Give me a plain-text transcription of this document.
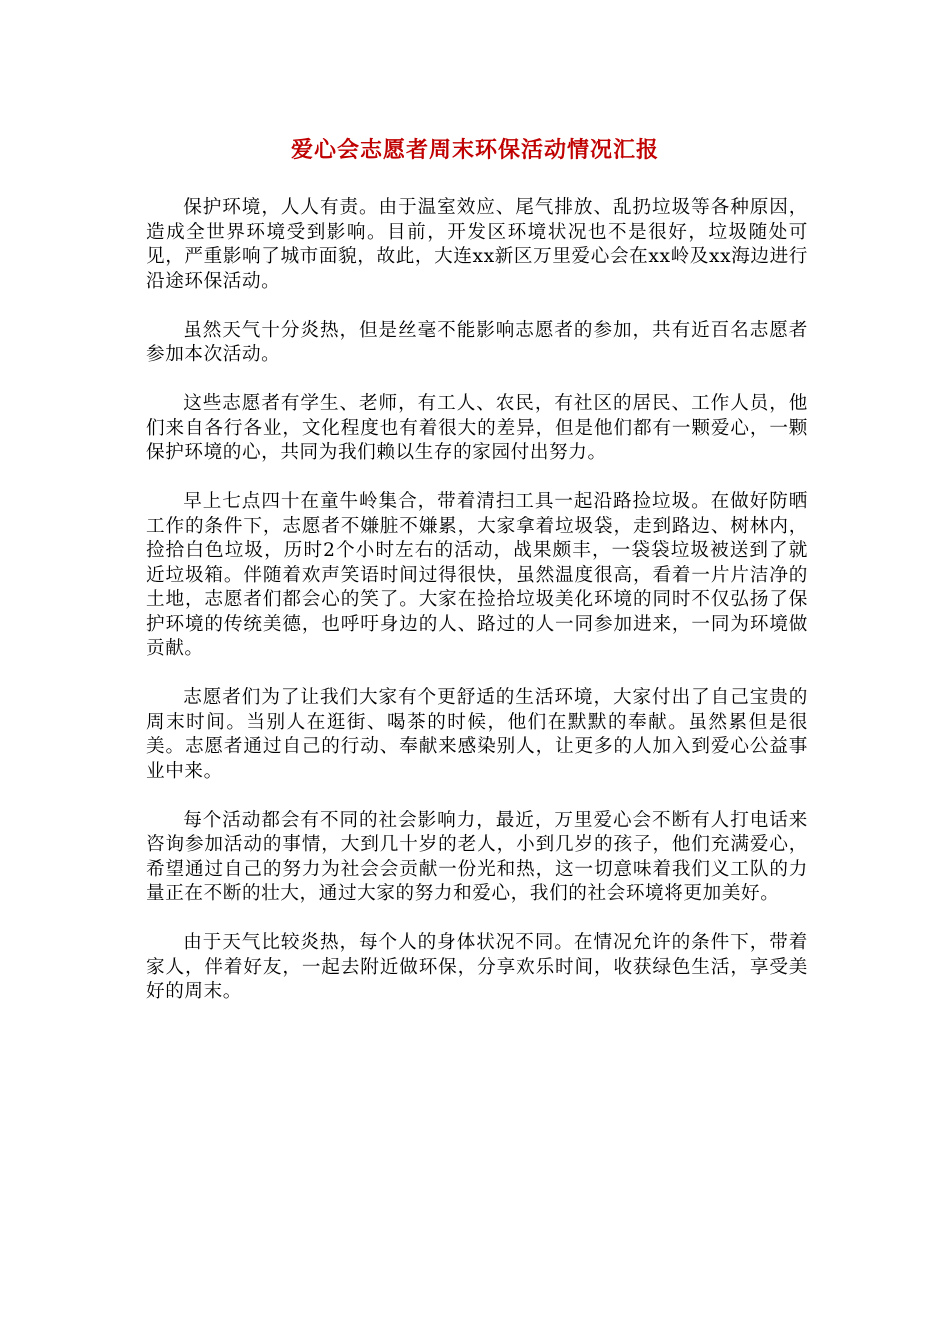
爱心会志愿者周末环保活动情况汇报

保护环境，人人有责。由于温室效应、尾气排放、乱扔垃圾等各种原因，造成全世界环境受到影响。目前，开发区环境状况也不是很好，垃圾随处可见，严重影响了城市面貌，故此，大连xx新区万里爱心会在xx岭及xx海边进行沿途环保活动。

虽然天气十分炎热，但是丝毫不能影响志愿者的参加，共有近百名志愿者参加本次活动。

这些志愿者有学生、老师，有工人、农民，有社区的居民、工作人员，他们来自各行各业，文化程度也有着很大的差异，但是他们都有一颗爱心，一颗保护环境的心，共同为我们赖以生存的家园付出努力。

早上七点四十在童牛岭集合，带着清扫工具一起沿路捡垃圾。在做好防晒工作的条件下，志愿者不嫌脏不嫌累，大家拿着垃圾袋，走到路边、树林内，捡拾白色垃圾，历时2个小时左右的活动，战果颇丰，一袋袋垃圾被送到了就近垃圾箱。伴随着欢声笑语时间过得很快，虽然温度很高，看着一片片洁净的土地，志愿者们都会心的笑了。大家在捡拾垃圾美化环境的同时不仅弘扬了保护环境的传统美德，也呼吁身边的人、路过的人一同参加进来，一同为环境做贡献。

志愿者们为了让我们大家有个更舒适的生活环境，大家付出了自己宝贵的周末时间。当别人在逛街、喝茶的时候，他们在默默的奉献。虽然累但是很美。志愿者通过自己的行动、奉献来感染别人，让更多的人加入到爱心公益事业中来。

每个活动都会有不同的社会影响力，最近，万里爱心会不断有人打电话来咨询参加活动的事情，大到几十岁的老人，小到几岁的孩子，他们充满爱心，希望通过自己的努力为社会会贡献一份光和热，这一切意味着我们义工队的力量正在不断的壮大，通过大家的努力和爱心，我们的社会环境将更加美好。

由于天气比较炎热，每个人的身体状况不同。在情况允许的条件下，带着家人，伴着好友，一起去附近做环保，分享欢乐时间，收获绿色生活，享受美好的周末。
